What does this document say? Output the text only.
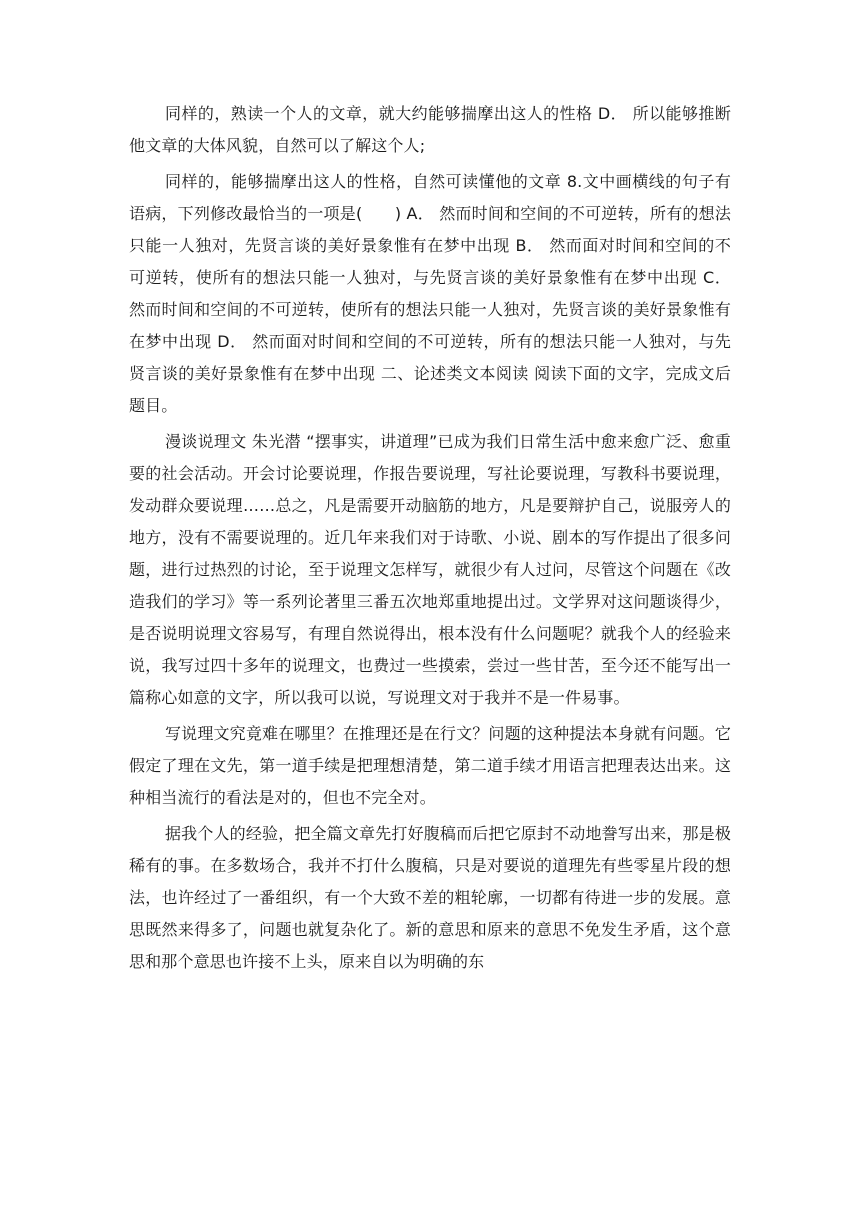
同样的，熟读一个人的文章，就大约能够揣摩出这人的性格 D． 所以能够推断他文章的大体风貌，自然可以了解这个人;

同样的，能够揣摩出这人的性格，自然可读懂他的文章 8.文中画横线的句子有语病，下列修改最恰当的一项是(　　) A． 然而时间和空间的不可逆转，所有的想法只能一人独对，先贤言谈的美好景象惟有在梦中出现 B． 然而面对时间和空间的不可逆转，使所有的想法只能一人独对，与先贤言谈的美好景象惟有在梦中出现 C． 然而时间和空间的不可逆转，使所有的想法只能一人独对，先贤言谈的美好景象惟有在梦中出现 D． 然而面对时间和空间的不可逆转，所有的想法只能一人独对，与先贤言谈的美好景象惟有在梦中出现 二、论述类文本阅读 阅读下面的文字，完成文后题目。

漫谈说理文 朱光潜 “摆事实，讲道理”已成为我们日常生活中愈来愈广泛、愈重要的社会活动。开会讨论要说理，作报告要说理，写社论要说理，写教科书要说理，发动群众要说理……总之，凡是需要开动脑筋的地方，凡是要辩护自己，说服旁人的地方，没有不需要说理的。近几年来我们对于诗歌、小说、剧本的写作提出了很多问题，进行过热烈的讨论，至于说理文怎样写，就很少有人过问，尽管这个问题在《改造我们的学习》等一系列论著里三番五次地郑重地提出过。文学界对这问题谈得少，是否说明说理文容易写，有理自然说得出，根本没有什么问题呢？就我个人的经验来说，我写过四十多年的说理文，也费过一些摸索，尝过一些甘苦，至今还不能写出一篇称心如意的文字，所以我可以说，写说理文对于我并不是一件易事。

写说理文究竟难在哪里？在推理还是在行文？问题的这种提法本身就有问题。它假定了理在文先，第一道手续是把理想清楚，第二道手续才用语言把理表达出来。这种相当流行的看法是对的，但也不完全对。

据我个人的经验，把全篇文章先打好腹稿而后把它原封不动地誊写出来，那是极稀有的事。在多数场合，我并不打什么腹稿，只是对要说的道理先有些零星片段的想法，也许经过了一番组织，有一个大致不差的粗轮廓，一切都有待进一步的发展。意思既然来得多了，问题也就复杂化了。新的意思和原来的意思不免发生矛盾，这个意思和那个意思也许接不上头，原来自以为明确的东
